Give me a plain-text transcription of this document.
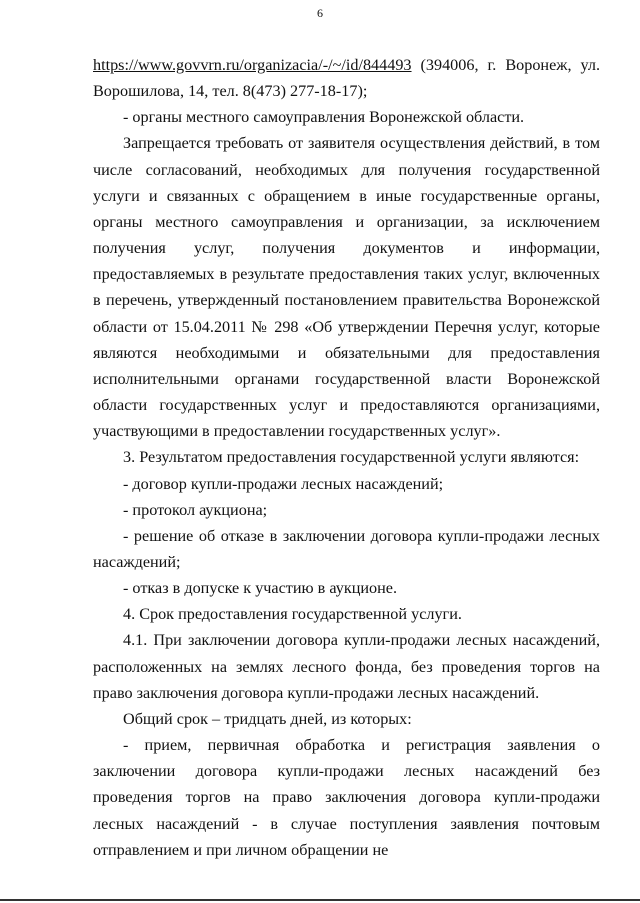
6

https://www.govvrn.ru/organizacia/-/~/id/844493 (394006, г. Воронеж, ул. Ворошилова, 14, тел. 8(473) 277-18-17);

- органы местного самоуправления Воронежской области.

Запрещается требовать от заявителя осуществления действий, в том числе согласований, необходимых для получения государственной услуги и связанных с обращением в иные государственные органы, органы местного самоуправления и организации, за исключением получения услуг, получения документов и информации, предоставляемых в результате предоставления таких услуг, включенных в перечень, утвержденный постановлением правительства Воронежской области от 15.04.2011 № 298 «Об утверждении Перечня услуг, которые являются необходимыми и обязательными для предоставления исполнительными органами государственной власти Воронежской области государственных услуг и предоставляются организациями, участвующими в предоставлении государственных услуг».

3. Результатом предоставления государственной услуги являются:

- договор купли-продажи лесных насаждений;

- протокол аукциона;

- решение об отказе в заключении договора купли-продажи лесных насаждений;

- отказ в допуске к участию в аукционе.

4. Срок предоставления государственной услуги.

4.1. При заключении договора купли-продажи лесных насаждений, расположенных на землях лесного фонда, без проведения торгов на право заключения договора купли-продажи лесных насаждений.

Общий срок – тридцать дней, из которых:

- прием, первичная обработка и регистрация заявления о заключении договора купли-продажи лесных насаждений без проведения торгов на право заключения договора купли-продажи лесных насаждений - в случае поступления заявления почтовым отправлением и при личном обращении не
